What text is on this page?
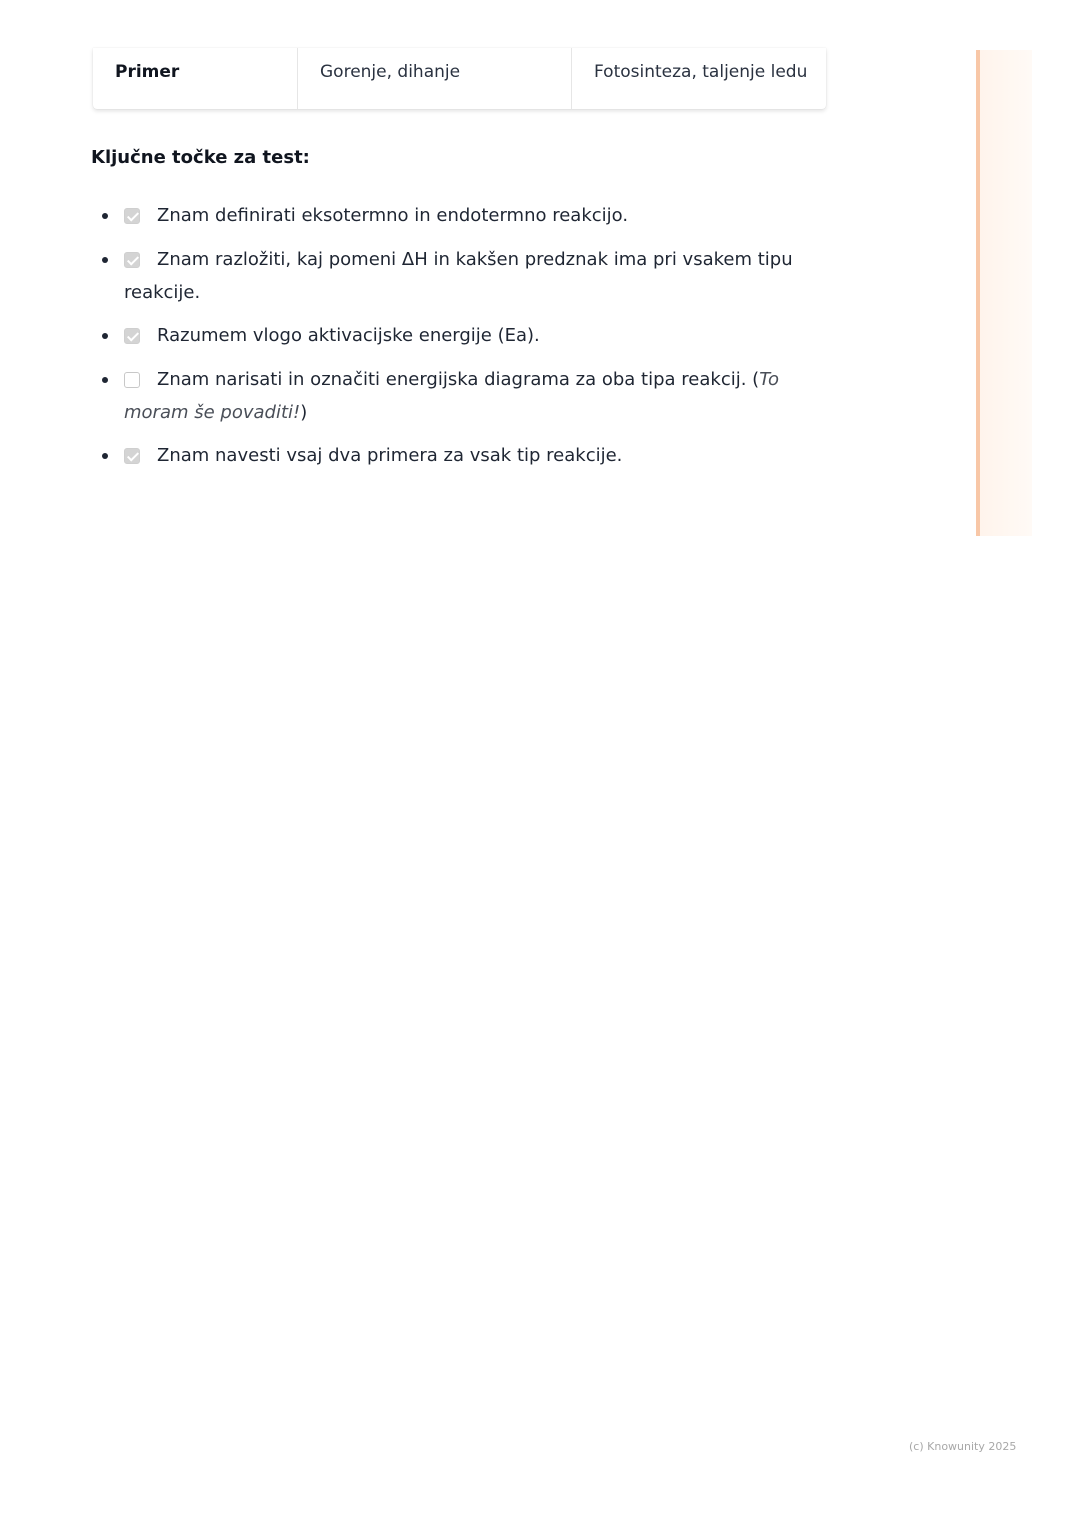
Primer	Gorenje, dihanje	Fotosinteza, taljenje ledu
Ključne točke za test:
Znam definirati eksotermno in endotermno reakcijo.
Znam razložiti, kaj pomeni ΔH in kakšen predznak ima pri vsakem tipu reakcije.
Razumem vlogo aktivacijske energije (Ea).
Znam narisati in označiti energijska diagrama za oba tipa reakcij. (To moram še povaditi!)
Znam navesti vsaj dva primera za vsak tip reakcije.
(c) Knowunity 2025
